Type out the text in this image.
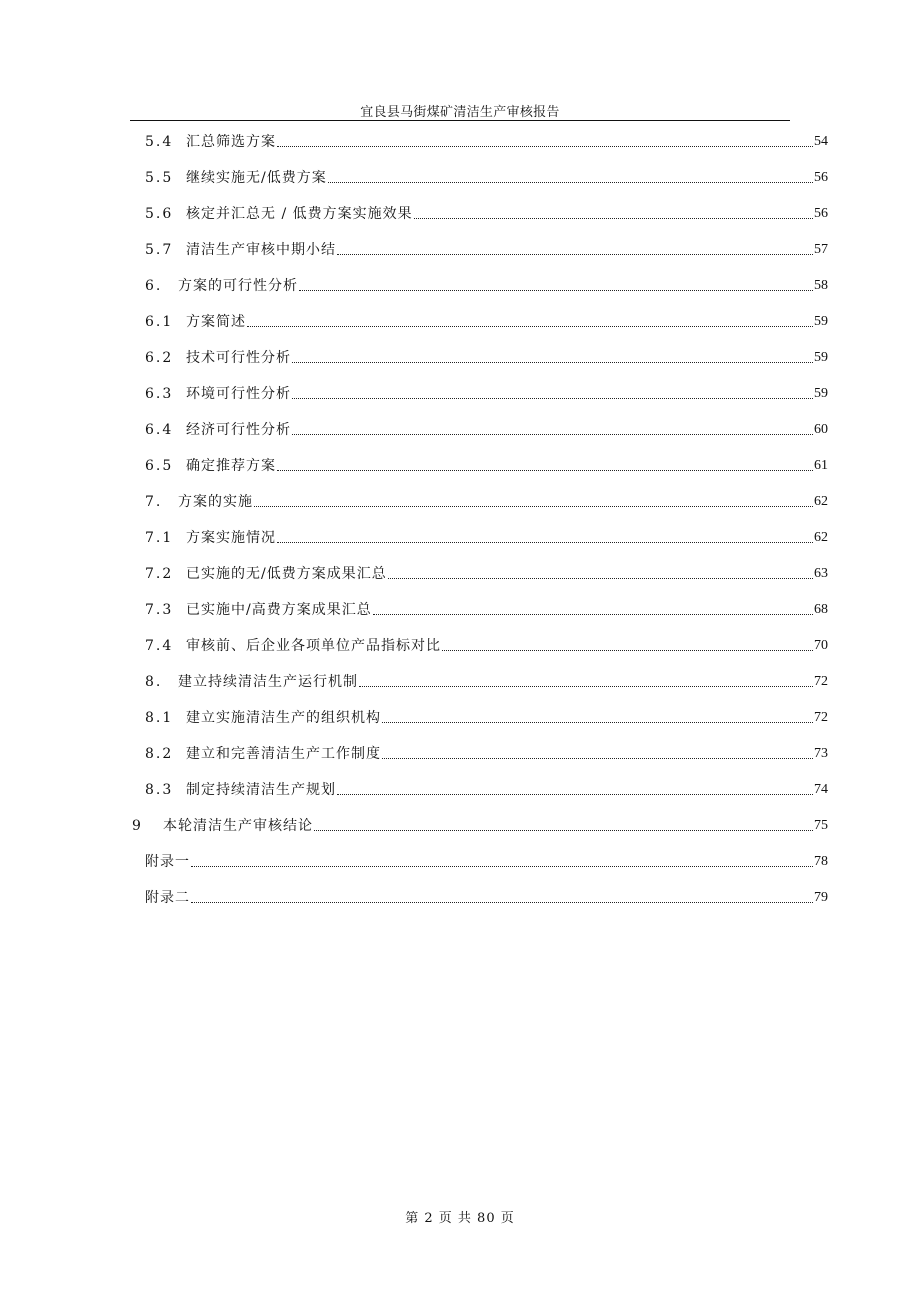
宜良县马街煤矿清洁生产审核报告
5.4 汇总筛选方案	54
5.5 继续实施无/低费方案	56
5.6 核定并汇总无 / 低费方案实施效果	56
5.7 清洁生产审核中期小结	57
6.	方案的可行性分析	58
6.1 方案简述	59
6.2 技术可行性分析	59
6.3 环境可行性分析	59
6.4 经济可行性分析	60
6.5 确定推荐方案	61
7.	方案的实施	62
7.1 方案实施情况	62
7.2 已实施的无/低费方案成果汇总	63
7.3 已实施中/高费方案成果汇总	68
7.4 审核前、后企业各项单位产品指标对比	70
8.	建立持续清洁生产运行机制	72
8.1 建立实施清洁生产的组织机构	72
8.2 建立和完善清洁生产工作制度	73
8.3 制定持续清洁生产规划	74
9	本轮清洁生产审核结论	75
附录一	78
附录二	79
第 2 页 共 80 页
